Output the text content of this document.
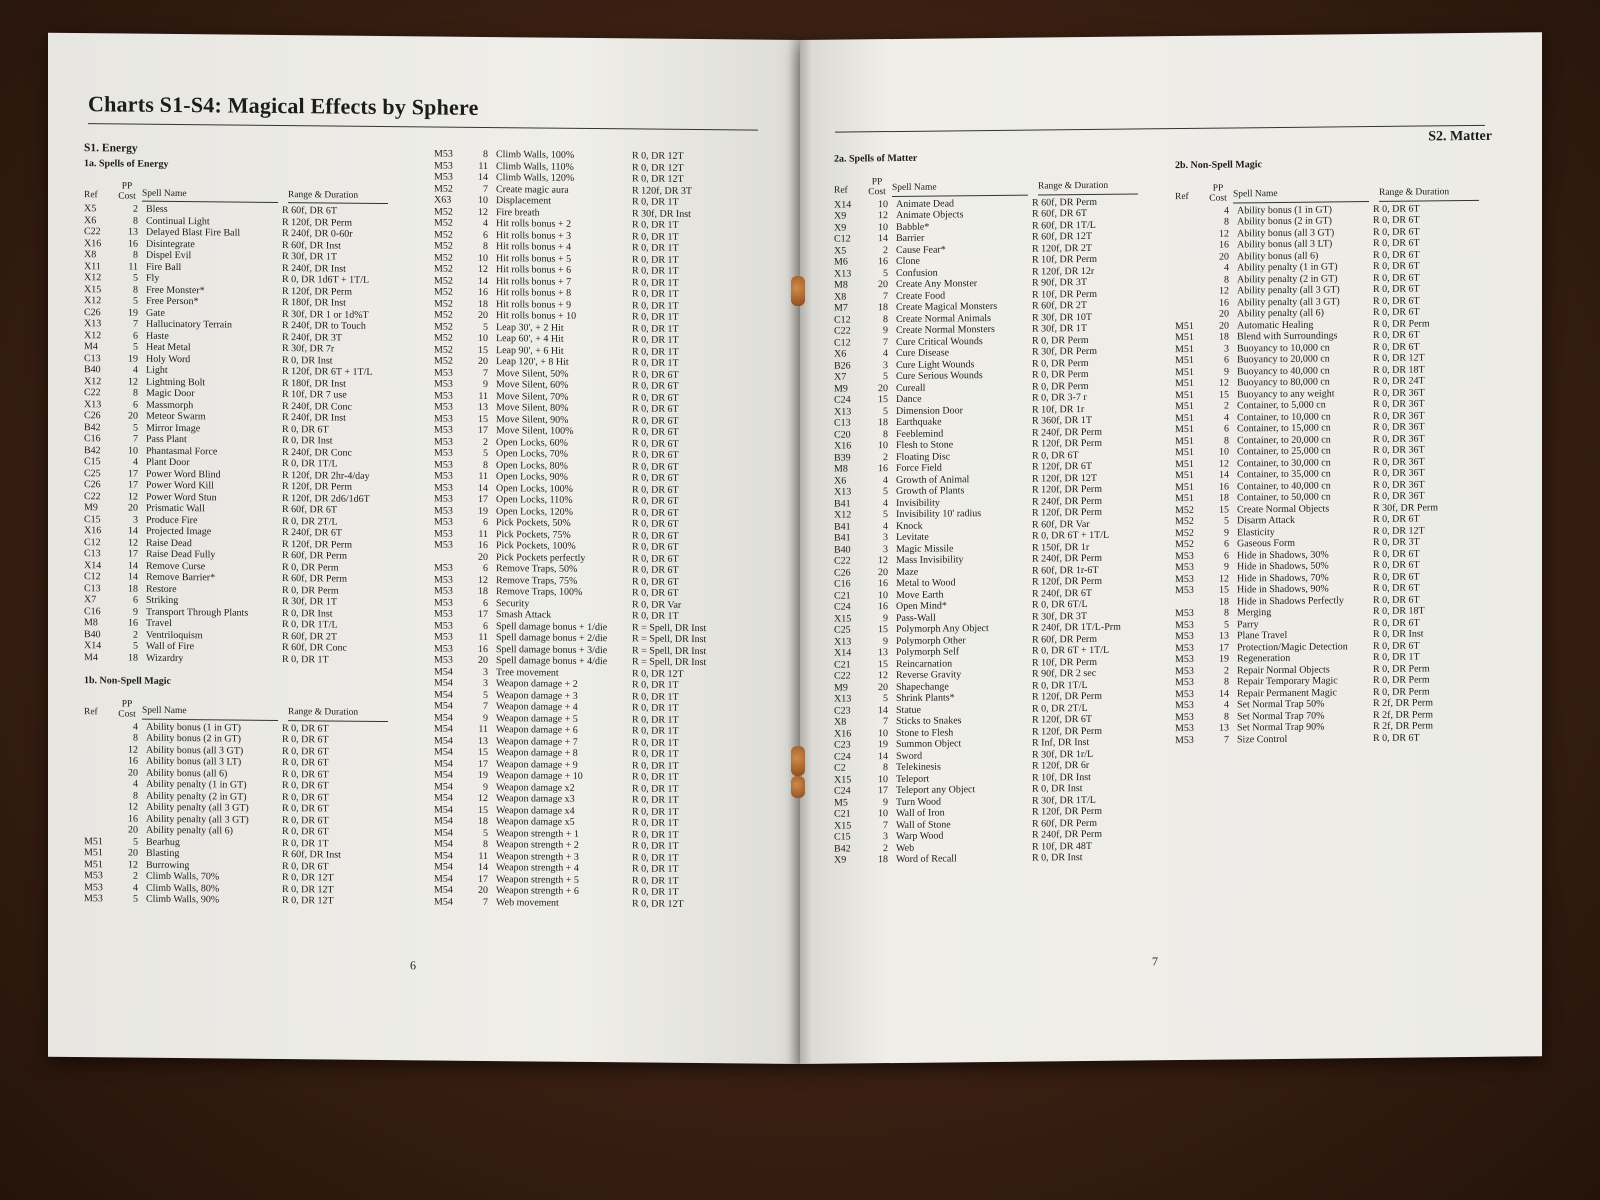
Charts S1-S4: Magical Effects by Sphere
S1. Energy
1a. Spells of Energy
Ref
PP
Cost Spell Name	Range & Duration
X5	2 Bless	R 60f, DR 6T
X6	8 Continual Light	R 120f, DR Perm
C22	13 Delayed Blast Fire Ball	R 240f, DR 0-60r
X16	16 Disintegrate	R 60f, DR Inst
X8	8 Dispel Evil	R 30f, DR 1T
X11	11 Fire Ball	R 240f, DR Inst
X12	5 Fly	R 0, DR 1d6T + 1T/L
X15	8 Free Monster*	R 120f, DR Perm
X12	5 Free Person*	R 180f, DR Inst
C26	19 Gate	R 30f, DR 1 or 1d%T
X13	7 Hallucinatory Terrain	R 240f, DR to Touch
X12	6 Haste	R 240f, DR 3T
M4	5 Heat Metal	R 30f, DR 7r
C13	19 Holy Word	R 0, DR Inst
B40	4 Light	R 120f, DR 6T + 1T/L
X12	12 Lightning Bolt	R 180f, DR Inst
C22	8 Magic Door	R 10f, DR 7 use
X13	6 Massmorph	R 240f, DR Conc
C26	20 Meteor Swarm	R 240f, DR Inst
B42	5 Mirror Image	R 0, DR 6T
C16	7 Pass Plant	R 0, DR Inst
B42	10 Phantasmal Force	R 240f, DR Conc
C15	4 Plant Door	R 0, DR 1T/L
C25	17 Power Word Blind	R 120f, DR 2hr-4/day
C26	17 Power Word Kill	R 120f, DR Perm
C22	12 Power Word Stun	R 120f, DR 2d6/1d6T
M9	20 Prismatic Wall	R 60f, DR 6T
C15	3 Produce Fire	R 0, DR 2T/L
X16	14 Projected Image	R 240f, DR 6T
C12	12 Raise Dead	R 120f, DR Perm
C13	17 Raise Dead Fully	R 60f, DR Perm
X14	14 Remove Curse	R 0, DR Perm
C12	14 Remove Barrier*	R 60f, DR Perm
C13	18 Restore	R 0, DR Perm
X7	6 Striking	R 30f, DR 1T
C16	9 Transport Through Plants	R 0, DR Inst
M8	16 Travel	R 0, DR 1T/L
B40	2 Ventriloquism	R 60f, DR 2T
X14	5 Wall of Fire	R 60f, DR Conc
M4	18 Wizardry	R 0, DR 1T
1b. Non-Spell Magic
Ref
PP
Cost Spell Name	Range & Duration
4 Ability bonus (1 in GT)	R 0, DR 6T
8 Ability bonus (2 in GT)	R 0, DR 6T
12 Ability bonus (all 3 GT)	R 0, DR 6T
16 Ability bonus (all 3 LT)	R 0, DR 6T
20 Ability bonus (all 6)	R 0, DR 6T
4 Ability penalty (1 in GT)	R 0, DR 6T
8 Ability penalty (2 in GT)	R 0, DR 6T
12 Ability penalty (all 3 GT)	R 0, DR 6T
16 Ability penalty (all 3 GT)	R 0, DR 6T
20 Ability penalty (all 6)	R 0, DR 6T
M51	5 Bearhug	R 0, DR 1T
M51	20 Blasting	R 60f, DR Inst
M51	12 Burrowing	R 0, DR 6T
M53	2 Climb Walls, 70%	R 0, DR 12T
M53	4 Climb Walls, 80%	R 0, DR 12T
M53	5 Climb Walls, 90%	R 0, DR 12T
M53	8 Climb Walls, 100%	R 0, DR 12T
M53	11 Climb Walls, 110%	R 0, DR 12T
M53	14 Climb Walls, 120%	R 0, DR 12T
M52	7 Create magic aura	R 120f, DR 3T
X63	10 Displacement	R 0, DR 1T
M52	12 Fire breath	R 30f, DR Inst
M52	4 Hit rolls bonus + 2	R 0, DR 1T
M52	6 Hit rolls bonus + 3	R 0, DR 1T
M52	8 Hit rolls bonus + 4	R 0, DR 1T
M52	10 Hit rolls bonus + 5	R 0, DR 1T
M52	12 Hit rolls bonus + 6	R 0, DR 1T
M52	14 Hit rolls bonus + 7	R 0, DR 1T
M52	16 Hit rolls bonus + 8	R 0, DR 1T
M52	18 Hit rolls bonus + 9	R 0, DR 1T
M52	20 Hit rolls bonus + 10	R 0, DR 1T
M52	5 Leap 30', + 2 Hit	R 0, DR 1T
M52	10 Leap 60', + 4 Hit	R 0, DR 1T
M52	15 Leap 90', + 6 Hit	R 0, DR 1T
M52	20 Leap 120', + 8 Hit	R 0, DR 1T
M53	7 Move Silent, 50%	R 0, DR 6T
M53	9 Move Silent, 60%	R 0, DR 6T
M53	11 Move Silent, 70%	R 0, DR 6T
M53	13 Move Silent, 80%	R 0, DR 6T
M53	15 Move Silent, 90%	R 0, DR 6T
M53	17 Move Silent, 100%	R 0, DR 6T
M53	2 Open Locks, 60%	R 0, DR 6T
M53	5 Open Locks, 70%	R 0, DR 6T
M53	8 Open Locks, 80%	R 0, DR 6T
M53	11 Open Locks, 90%	R 0, DR 6T
M53	14 Open Locks, 100%	R 0, DR 6T
M53	17 Open Locks, 110%	R 0, DR 6T
M53	19 Open Locks, 120%	R 0, DR 6T
M53	6 Pick Pockets, 50%	R 0, DR 6T
M53	11 Pick Pockets, 75%	R 0, DR 6T
M53	16 Pick Pockets, 100%	R 0, DR 6T
20 Pick Pockets perfectly	R 0, DR 6T
M53	6 Remove Traps, 50%	R 0, DR 6T
M53	12 Remove Traps, 75%	R 0, DR 6T
M53	18 Remove Traps, 100%	R 0, DR 6T
M53	6 Security	R 0, DR Var
M53	17 Smash Attack	R 0, DR 1T
M53	6 Spell damage bonus + 1/die	R = Spell, DR Inst
M53	11 Spell damage bonus + 2/die	R = Spell, DR Inst
M53	16 Spell damage bonus + 3/die	R = Spell, DR Inst
M53	20 Spell damage bonus + 4/die	R = Spell, DR Inst
M54	3 Tree movement	R 0, DR 12T
M54	3 Weapon damage + 2	R 0, DR 1T
M54	5 Weapon damage + 3	R 0, DR 1T
M54	7 Weapon damage + 4	R 0, DR 1T
M54	9 Weapon damage + 5	R 0, DR 1T
M54	11 Weapon damage + 6	R 0, DR 1T
M54	13 Weapon damage + 7	R 0, DR 1T
M54	15 Weapon damage + 8	R 0, DR 1T
M54	17 Weapon damage + 9	R 0, DR 1T
M54	19 Weapon damage + 10	R 0, DR 1T
M54	9 Weapon damage x2	R 0, DR 1T
M54	12 Weapon damage x3	R 0, DR 1T
M54	15 Weapon damage x4	R 0, DR 1T
M54	18 Weapon damage x5	R 0, DR 1T
M54	5 Weapon strength + 1	R 0, DR 1T
M54	8 Weapon strength + 2	R 0, DR 1T
M54	11 Weapon strength + 3	R 0, DR 1T
M54	14 Weapon strength + 4	R 0, DR 1T
M54	17 Weapon strength + 5	R 0, DR 1T
M54	20 Weapon strength + 6	R 0, DR 1T
M54	7 Web movement	R 0, DR 12T
6
S2. Matter
2a. Spells of Matter
Ref
PP
Cost Spell Name	Range & Duration
X14	10 Animate Dead	R 60f, DR Perm
X9	12 Animate Objects	R 60f, DR 6T
X9	10 Babble*	R 60f, DR 1T/L
C12	14 Barrier	R 60f, DR 12T
X5	2 Cause Fear*	R 120f, DR 2T
M6	16 Clone	R 10f, DR Perm
X13	5 Confusion	R 120f, DR 12r
M8	20 Create Any Monster	R 90f, DR 3T
X8	7 Create Food	R 10f, DR Perm
M7	18 Create Magical Monsters	R 60f, DR 2T
C12	8 Create Normal Animals	R 30f, DR 10T
C22	9 Create Normal Monsters	R 30f, DR 1T
C12	7 Cure Critical Wounds	R 0, DR Perm
X6	4 Cure Disease	R 30f, DR Perm
B26	3 Cure Light Wounds	R 0, DR Perm
X7	5 Cure Serious Wounds	R 0, DR Perm
M9	20 Cureall	R 0, DR Perm
C24	15 Dance	R 0, DR 3-7 r
X13	5 Dimension Door	R 10f, DR 1r
C13	18 Earthquake	R 360f, DR 1T
C20	8 Feeblemind	R 240f, DR Perm
X16	10 Flesh to Stone	R 120f, DR Perm
B39	2 Floating Disc	R 0, DR 6T
M8	16 Force Field	R 120f, DR 6T
X6	4 Growth of Animal	R 120f, DR 12T
X13	5 Growth of Plants	R 120f, DR Perm
B41	4 Invisibility	R 240f, DR Perm
X12	5 Invisibility 10' radius	R 120f, DR Perm
B41	4 Knock	R 60f, DR Var
B41	3 Levitate	R 0, DR 6T + 1T/L
B40	3 Magic Missile	R 150f, DR 1r
C22	12 Mass Invisibility	R 240f, DR Perm
C26	20 Maze	R 60f, DR 1r-6T
C16	16 Metal to Wood	R 120f, DR Perm
C21	10 Move Earth	R 240f, DR 6T
C24	16 Open Mind*	R 0, DR 6T/L
X15	9 Pass-Wall	R 30f, DR 3T
C25	15 Polymorph Any Object	R 240f, DR 1T/L-Prm
X13	9 Polymorph Other	R 60f, DR Perm
X14	13 Polymorph Self	R 0, DR 6T + 1T/L
C21	15 Reincarnation	R 10f, DR Perm
C22	12 Reverse Gravity	R 90f, DR 2 sec
M9	20 Shapechange	R 0, DR 1T/L
X13	5 Shrink Plants*	R 120f, DR Perm
C23	14 Statue	R 0, DR 2T/L
X8	7 Sticks to Snakes	R 120f, DR 6T
X16	10 Stone to Flesh	R 120f, DR Perm
C23	19 Summon Object	R Inf, DR Inst
C24	14 Sword	R 30f, DR 1r/L
C2	8 Telekinesis	R 120f, DR 6r
X15	10 Teleport	R 10f, DR Inst
C24	17 Teleport any Object	R 0, DR Inst
M5	9 Turn Wood	R 30f, DR 1T/L
C21	10 Wall of Iron	R 120f, DR Perm
X15	7 Wall of Stone	R 60f, DR Perm
C15	3 Warp Wood	R 240f, DR Perm
B42	2 Web	R 10f, DR 48T
X9	18 Word of Recall	R 0, DR Inst
2b. Non-Spell Magic
Ref
PP
Cost Spell Name	Range & Duration
4 Ability bonus (1 in GT)	R 0, DR 6T
8 Ability bonus (2 in GT)	R 0, DR 6T
12 Ability bonus (all 3 GT)	R 0, DR 6T
16 Ability bonus (all 3 LT)	R 0, DR 6T
20 Ability bonus (all 6)	R 0, DR 6T
4 Ability penalty (1 in GT)	R 0, DR 6T
8 Ability penalty (2 in GT)	R 0, DR 6T
12 Ability penalty (all 3 GT)	R 0, DR 6T
16 Ability penalty (all 3 GT)	R 0, DR 6T
20 Ability penalty (all 6)	R 0, DR 6T
M51	20 Automatic Healing	R 0, DR Perm
M51	18 Blend with Surroundings	R 0, DR 6T
M51	3 Buoyancy to 10,000 cn	R 0, DR 6T
M51	6 Buoyancy to 20,000 cn	R 0, DR 12T
M51	9 Buoyancy to 40,000 cn	R 0, DR 18T
M51	12 Buoyancy to 80,000 cn	R 0, DR 24T
M51	15 Buoyancy to any weight	R 0, DR 36T
M51	2 Container, to 5,000 cn	R 0, DR 36T
M51	4 Container, to 10,000 cn	R 0, DR 36T
M51	6 Container, to 15,000 cn	R 0, DR 36T
M51	8 Container, to 20,000 cn	R 0, DR 36T
M51	10 Container, to 25,000 cn	R 0, DR 36T
M51	12 Container, to 30,000 cn	R 0, DR 36T
M51	14 Container, to 35,000 cn	R 0, DR 36T
M51	16 Container, to 40,000 cn	R 0, DR 36T
M51	18 Container, to 50,000 cn	R 0, DR 36T
M52	15 Create Normal Objects	R 30f, DR Perm
M52	5 Disarm Attack	R 0, DR 6T
M52	9 Elasticity	R 0, DR 12T
M52	6 Gaseous Form	R 0, DR 3T
M53	6 Hide in Shadows, 30%	R 0, DR 6T
M53	9 Hide in Shadows, 50%	R 0, DR 6T
M53	12 Hide in Shadows, 70%	R 0, DR 6T
M53	15 Hide in Shadows, 90%	R 0, DR 6T
18 Hide in Shadows Perfectly	R 0, DR 6T
M53	8 Merging	R 0, DR 18T
M53	5 Parry	R 0, DR 6T
M53	13 Plane Travel	R 0, DR Inst
M53	17 Protection/Magic Detection	R 0, DR 6T
M53	19 Regeneration	R 0, DR 1T
M53	2 Repair Normal Objects	R 0, DR Perm
M53	8 Repair Temporary Magic	R 0, DR Perm
M53	14 Repair Permanent Magic	R 0, DR Perm
M53	4 Set Normal Trap 50%	R 2f, DR Perm
M53	8 Set Normal Trap 70%	R 2f, DR Perm
M53	13 Set Normal Trap 90%	R 2f, DR Perm
M53	7 Size Control	R 0, DR 6T
7
